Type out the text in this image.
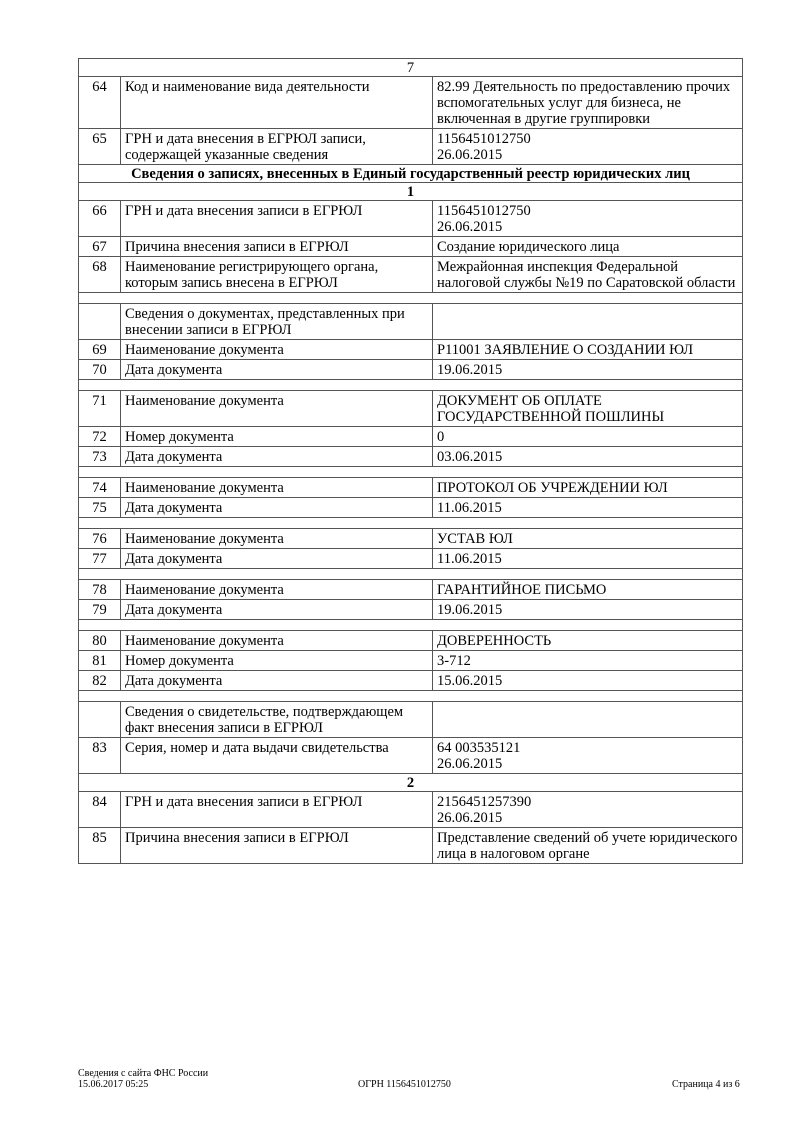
7		
64	Код и наименование вида деятельности	82.99 Деятельность по предоставлению прочих вспомогательных услуг для бизнеса, не включенная в другие группировки
65	ГРН и дата внесения в ЕГРЮЛ записи, содержащей указанные сведения	1156451012750
26.06.2015

Сведения о записях, внесенных в Единый государственный реестр юридических лиц		
1		
66	ГРН и дата внесения записи в ЕГРЮЛ	1156451012750
26.06.2015

67	Причина внесения записи в ЕГРЮЛ	Создание юридического лица
68	Наименование регистрирующего органа, которым запись внесена в ЕГРЮЛ	Межрайонная инспекция Федеральной налоговой службы №19 по Саратовской области

	Сведения о документах, представленных при внесении записи в ЕГРЮЛ	
69	Наименование документа	Р11001 ЗАЯВЛЕНИЕ О СОЗДАНИИ ЮЛ
70	Дата документа	19.06.2015

71	Наименование документа	ДОКУМЕНТ ОБ ОПЛАТЕ ГОСУДАРСТВЕННОЙ ПОШЛИНЫ
72	Номер документа	0
73	Дата документа	03.06.2015

74	Наименование документа	ПРОТОКОЛ ОБ УЧРЕЖДЕНИИ ЮЛ
75	Дата документа	11.06.2015

76	Наименование документа	УСТАВ ЮЛ
77	Дата документа	11.06.2015

78	Наименование документа	ГАРАНТИЙНОЕ ПИСЬМО
79	Дата документа	19.06.2015

80	Наименование документа	ДОВЕРЕННОСТЬ
81	Номер документа	3-712
82	Дата документа	15.06.2015

	Сведения о свидетельстве, подтверждающем факт внесения записи в ЕГРЮЛ	
83	Серия, номер и дата выдачи свидетельства	64 003535121
26.06.2015

2		
84	ГРН и дата внесения записи в ЕГРЮЛ	2156451257390
26.06.2015

85	Причина внесения записи в ЕГРЮЛ	Представление сведений об учете юридического лица в налоговом органе
Сведения с сайта ФНС России
15.06.2017 05:25	ОГРН 1156451012750	Страница 4 из 6
